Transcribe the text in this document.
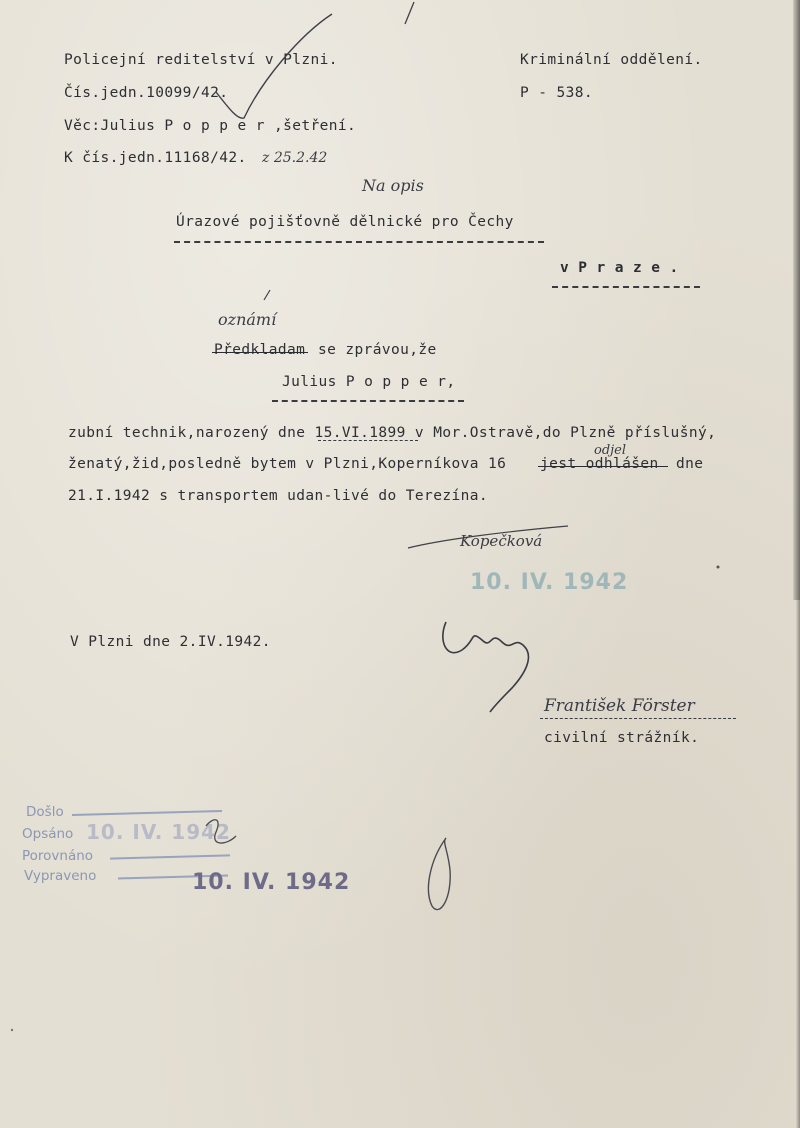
Policejní reditelství v Plzni.
Čís.jedn.10099/42.
Věc:Julius P o p p e r ,šetření.
K čís.jedn.11168/42. z 25.2.42
Kriminální oddělení.
P - 538.
Na opis
Úrazové pojišťovně dělnické pro Čechy
v P r a z e .
oznámí
Předkladam se zprávou,že
Julius P o p p e r,
zubní technik,narozený dne 15.VI.1899 v Mor.Ostravě,do Plzně příslušný,
ženatý,žid,posledně bytem v Plzni,Koperníkova 16
odjel
jest odhlášen dne
21.I.1942 s transportem udan-livé do Terezína.
Kopečková
10. IV. 1942
V Plzni dne 2.IV.1942.
František Förster
civilní strážník.
Došlo
Opsáno
Porovnáno
Vypraveno
10. IV. 1942
10. IV. 1942
